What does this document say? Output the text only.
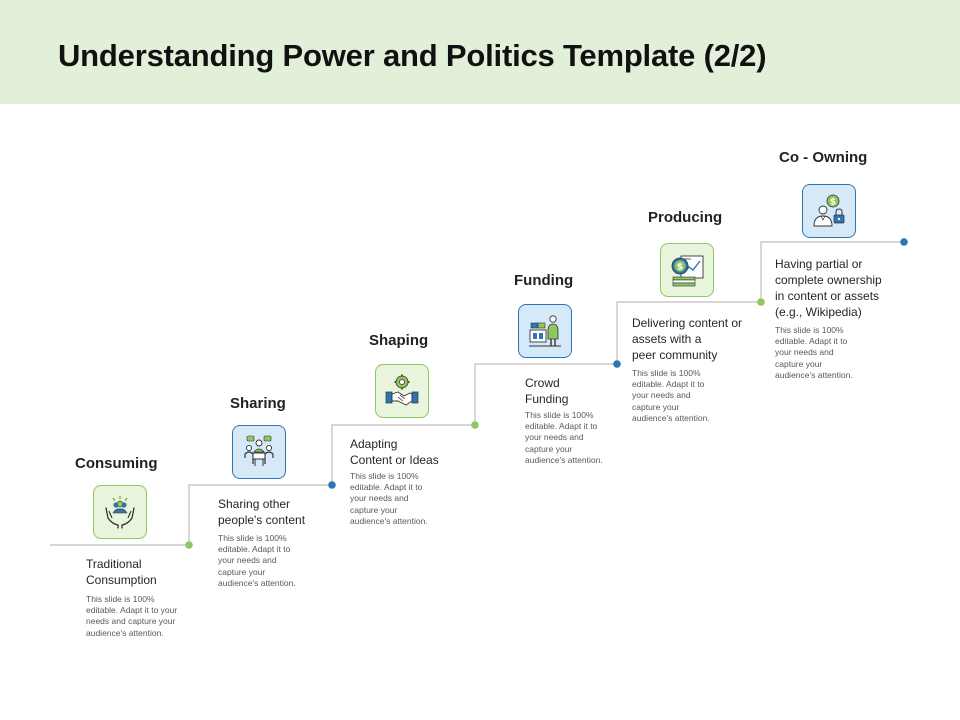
Understanding Power and Politics Template (2/2)
Consuming
Traditional
Consumption
This slide is 100%
editable. Adapt it to your
needs and capture your
audience's attention.
Sharing
Sharing other
people's content
This slide is 100%
editable. Adapt it to
your needs and
capture your
audience's attention.
Shaping
Adapting
Content or Ideas
This slide is 100%
editable. Adapt it to
your needs and
capture your
audience's attention.
Funding
Crowd
Funding
This slide is 100%
editable. Adapt it to
your needs and
capture your
audience's attention.
Producing
$
Delivering content or
assets with a
peer community
This slide is 100%
editable. Adapt it to
your needs and
capture your
audience's attention.
Co - Owning
$
Having partial or
complete ownership
in content or assets
(e.g., Wikipedia)
This slide is 100%
editable. Adapt it to
your needs and
capture your
audience's attention.
